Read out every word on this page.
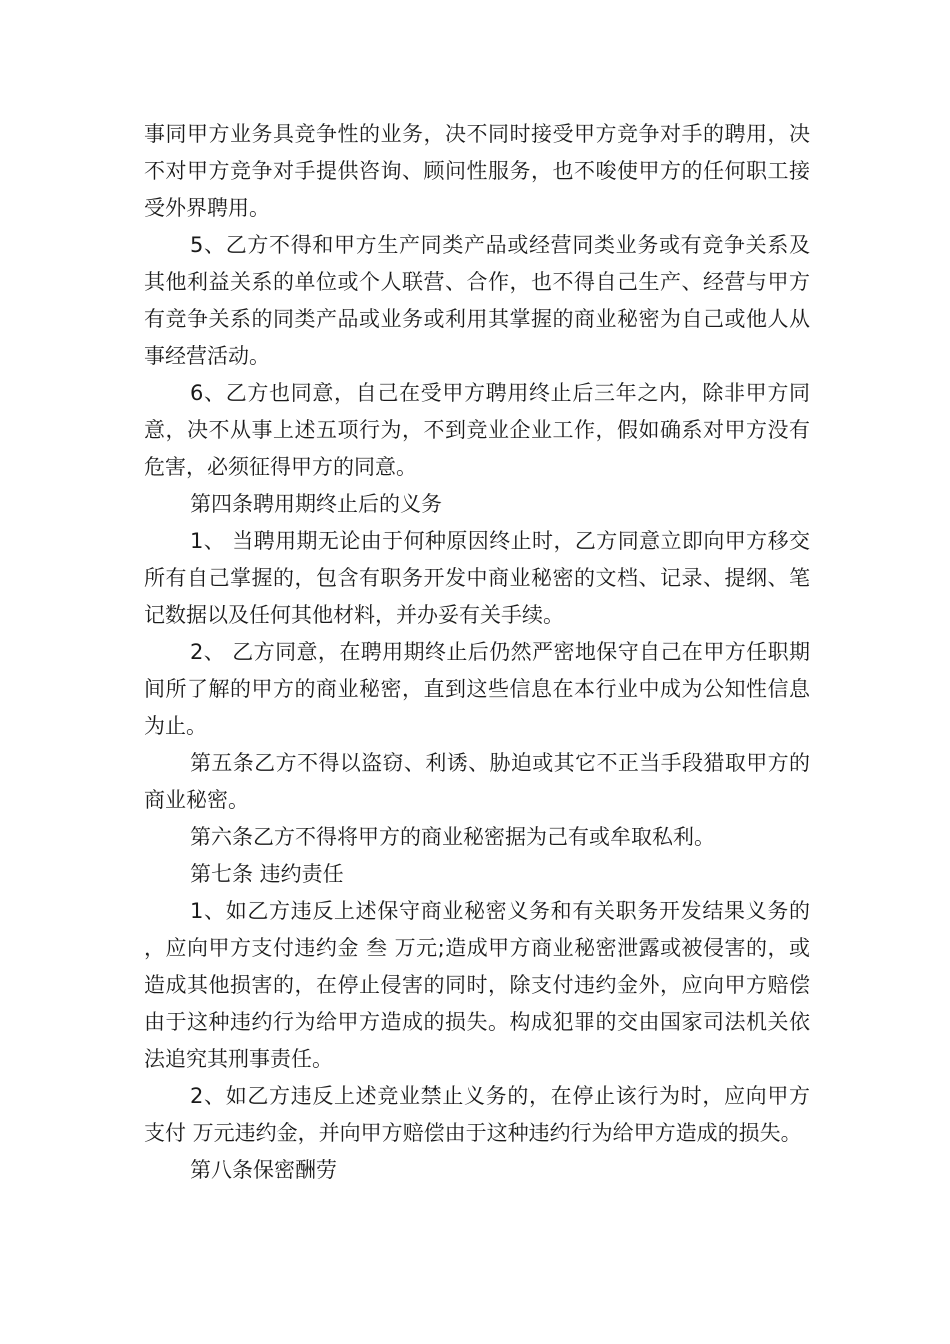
事同甲方业务具竞争性的业务，决不同时接受甲方竞争对手的聘用，决不对甲方竞争对手提供咨询、顾问性服务，也不唆使甲方的任何职工接受外界聘用。

5、乙方不得和甲方生产同类产品或经营同类业务或有竞争关系及其他利益关系的单位或个人联营、合作，也不得自己生产、经营与甲方有竞争关系的同类产品或业务或利用其掌握的商业秘密为自己或他人从事经营活动。

6、乙方也同意，自己在受甲方聘用终止后三年之内，除非甲方同意，决不从事上述五项行为，不到竞业企业工作，假如确系对甲方没有危害，必须征得甲方的同意。

第四条聘用期终止后的义务

1、 当聘用期无论由于何种原因终止时，乙方同意立即向甲方移交所有自己掌握的，包含有职务开发中商业秘密的文档、记录、提纲、笔记数据以及任何其他材料，并办妥有关手续。

2、 乙方同意，在聘用期终止后仍然严密地保守自己在甲方任职期间所了解的甲方的商业秘密，直到这些信息在本行业中成为公知性信息为止。

第五条乙方不得以盗窃、利诱、胁迫或其它不正当手段猎取甲方的商业秘密。

第六条乙方不得将甲方的商业秘密据为己有或牟取私利。

第七条 违约责任

1、如乙方违反上述保守商业秘密义务和有关职务开发结果义务的，应向甲方支付违约金 叁 万元;造成甲方商业秘密泄露或被侵害的，或造成其他损害的，在停止侵害的同时，除支付违约金外，应向甲方赔偿由于这种违约行为给甲方造成的损失。构成犯罪的交由国家司法机关依法追究其刑事责任。

2、如乙方违反上述竞业禁止义务的，在停止该行为时，应向甲方支付 万元违约金，并向甲方赔偿由于这种违约行为给甲方造成的损失。

第八条保密酬劳
